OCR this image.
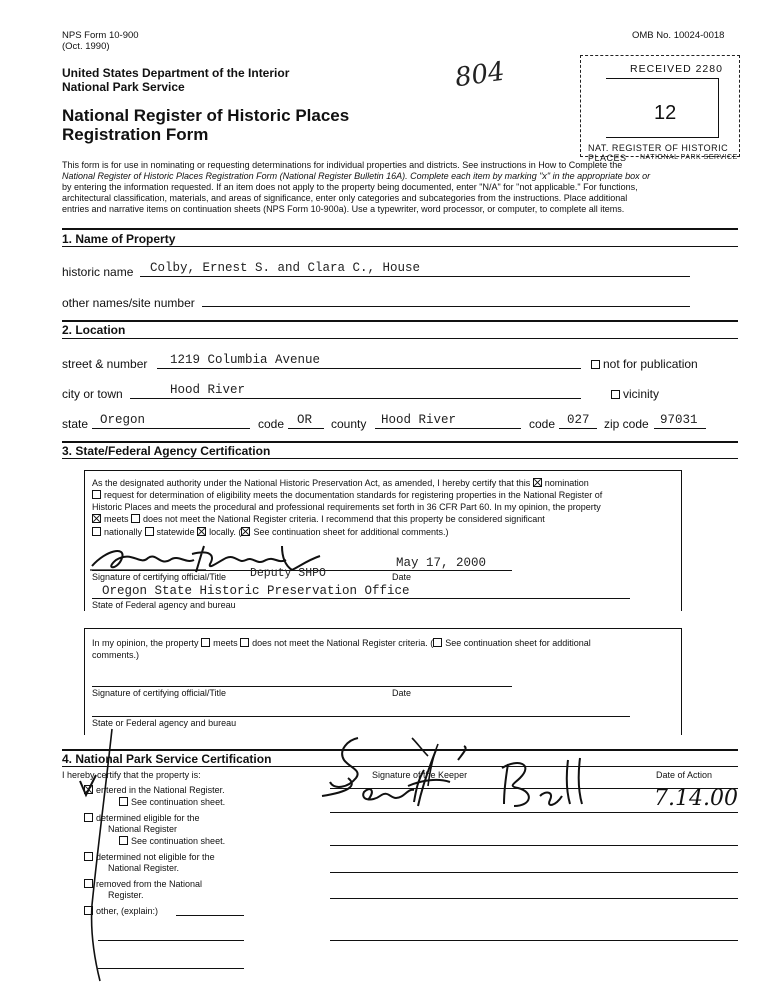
NPS Form 10-900
(Oct. 1990)
OMB No. 10024-0018
United States Department of the Interior
National Park Service	804
National Register of Historic Places
Registration Form
RECEIVED 2280
12
NAT. REGISTER OF HISTORIC PLACES	NATIONAL PARK SERVICE
This form is for use in nominating or requesting determinations for individual properties and districts. See instructions in How to Complete the
National Register of Historic Places Registration Form (National Register Bulletin 16A). Complete each item by marking "x" in the appropriate box or
by entering the information requested. If an item does not apply to the property being documented, enter "N/A" for "not applicable." For functions,
architectural classification, materials, and areas of significance, enter only categories and subcategories from the instructions. Place additional
entries and narrative items on continuation sheets (NPS Form 10-900a). Use a typewriter, word processor, or computer, to complete all items.
1. Name of Property
historic name Colby, Ernest S. and Clara C., House
other names/site number
2. Location
street & number 1219 Columbia Avenue	not for publication
city or town	Hood River	vicinity
state Oregon	code OR county Hood River	code 027 zip code 97031
3. State/Federal Agency Certification
As the designated authority under the National Historic Preservation Act, as amended, I hereby certify that this nomination
request for determination of eligibility meets the documentation standards for registering properties in the National Register of
Historic Places and meets the procedural and professional requirements set forth in 36 CFR Part 60. In my opinion, the property
meets does not meet the National Register criteria. I recommend that this property be considered significant
nationally statewide locally. ( See continuation sheet for additional comments.)
May 17, 2000
Signature of certifying official/Title Deputy SHPO	Date
Oregon State Historic Preservation Office
State of Federal agency and bureau
In my opinion, the property meets does not meet the National Register criteria. ( See continuation sheet for additional
comments.)
Signature of certifying official/Title	Date
State or Federal agency and bureau
4. National Park Service Certification
I hereby certify that the property is:	Signature of the Keeper	Date of Action
7.14.00
entered in the National Register.
See continuation sheet.
determined eligible for the
National Register
See continuation sheet.
determined not eligible for the
National Register.
removed from the National
Register.
other, (explain:)
